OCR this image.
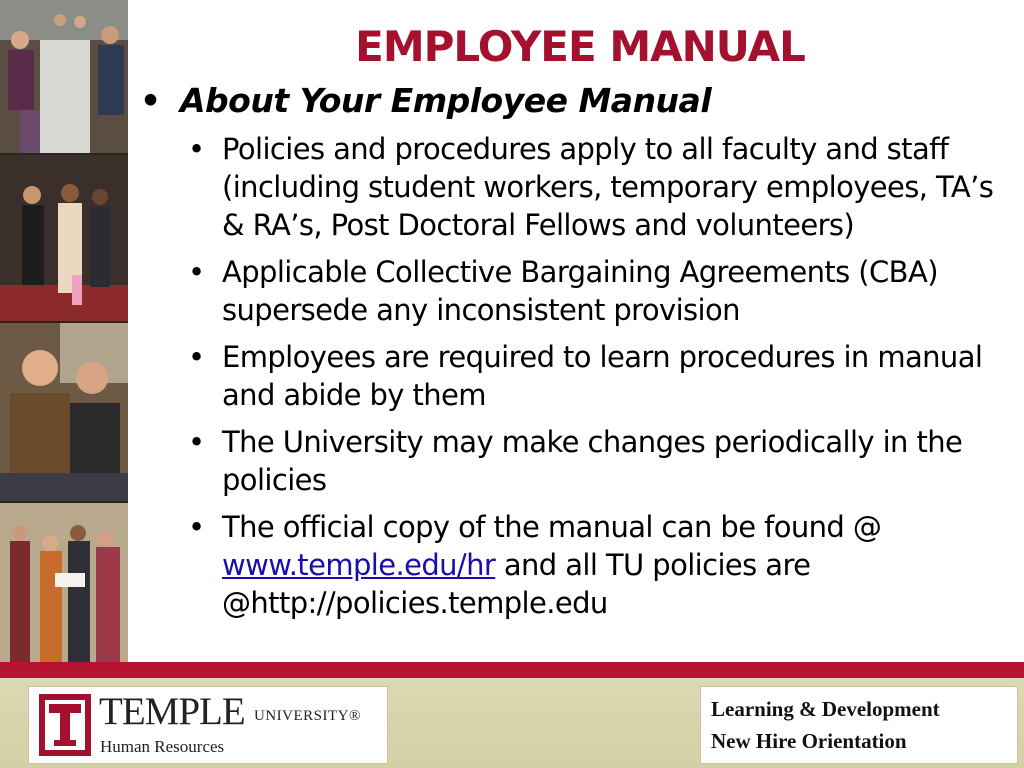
EMPLOYEE MANUAL
• About Your Employee Manual
• Policies and procedures apply to all faculty and staff (including student workers, temporary employees, TA’s & RA’s, Post Doctoral Fellows and volunteers)
• Applicable Collective Bargaining Agreements (CBA) supersede any inconsistent provision
• Employees are required to learn procedures in manual and abide by them
• The University may make changes periodically in the policies
• The official copy of the manual can be found @ www.temple.edu/hr and all TU policies are @http://policies.temple.edu
TEMPLE UNIVERSITY®
Human Resources
Learning & Development
New Hire Orientation
